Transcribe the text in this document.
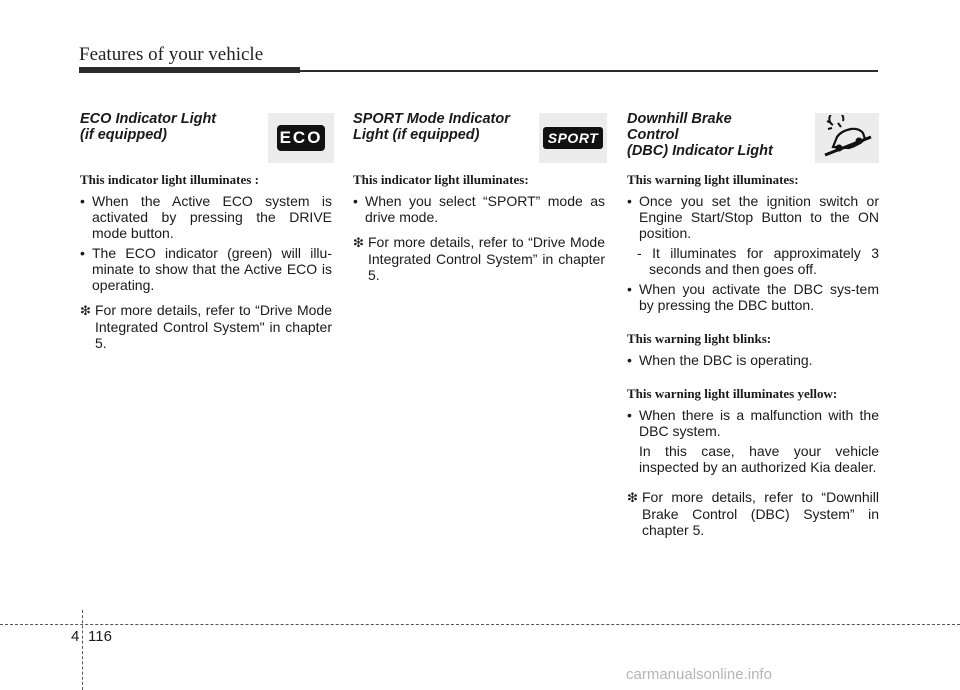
Features of your vehicle
ECO Indicator Light
(if equipped)	ECO
This indicator light illuminates :
• When the Active ECO system is activated by pressing the DRIVE mode button.
• The ECO indicator (green) will illu-minate to show that the Active ECO is operating.
❇ For more details, refer to “Drive Mode Integrated Control System" in chapter 5.
SPORT Mode Indicator
Light (if equipped)	SPORT
This indicator light illuminates:
• When you select “SPORT” mode as drive mode.
❇ For more details, refer to “Drive Mode Integrated Control System” in chapter 5.
Downhill Brake Control
(DBC) Indicator Light
This warning light illuminates:
• Once you set the ignition switch or Engine Start/Stop Button to the ON position.
- It illuminates for approximately 3 seconds and then goes off.
• When you activate the DBC sys-tem by pressing the DBC button.
This warning light blinks:
• When the DBC is operating.
This warning light illuminates yellow:
• When there is a malfunction with the DBC system.
In this case, have your vehicle inspected by an authorized Kia dealer.
❇ For more details, refer to “Downhill Brake Control (DBC) System” in chapter 5.
4 116
carmanualsonline.info
